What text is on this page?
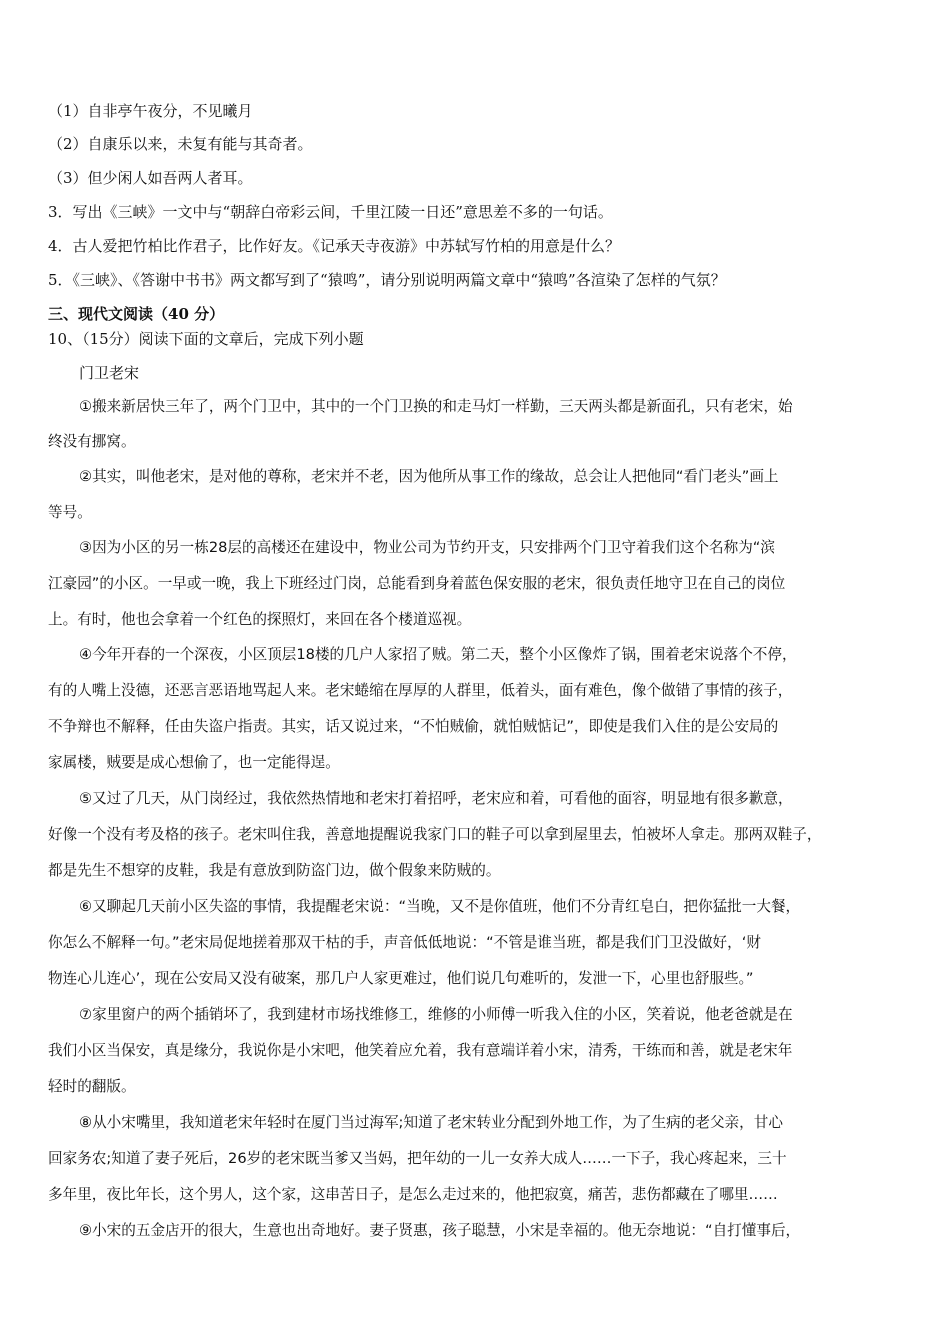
（1）自非亭午夜分，不见曦月
（2）自康乐以来，未复有能与其奇者。
（3）但少闲人如吾两人者耳。
3．写出《三峡》一文中与“朝辞白帝彩云间，千里江陵一日还”意思差不多的一句话。
4．古人爱把竹柏比作君子，比作好友。《记承天寺夜游》中苏轼写竹柏的用意是什么？
5．《三峡》、《答谢中书书》两文都写到了“猿鸣”，请分别说明两篇文章中“猿鸣”各渲染了怎样的气氛？
三、现代文阅读（40 分）
10、（15分）阅读下面的文章后，完成下列小题
门卫老宋
①搬来新居快三年了，两个门卫中，其中的一个门卫换的和走马灯一样勤，三天两头都是新面孔，只有老宋，始
终没有挪窝。
②其实，叫他老宋，是对他的尊称，老宋并不老，因为他所从事工作的缘故，总会让人把他同“看门老头”画上
等号。
③因为小区的另一栋28层的高楼还在建设中，物业公司为节约开支，只安排两个门卫守着我们这个名称为“滨
江豪园”的小区。一早或一晚，我上下班经过门岗，总能看到身着蓝色保安服的老宋，很负责任地守卫在自己的岗位
上。有时，他也会拿着一个红色的探照灯，来回在各个楼道巡视。
④今年开春的一个深夜，小区顶层18楼的几户人家招了贼。第二天，整个小区像炸了锅，围着老宋说落个不停，
有的人嘴上没德，还恶言恶语地骂起人来。老宋蜷缩在厚厚的人群里，低着头，面有难色，像个做错了事情的孩子，
不争辩也不解释，任由失盗户指责。其实，话又说过来，“不怕贼偷，就怕贼惦记”，即使是我们入住的是公安局的
家属楼，贼要是成心想偷了，也一定能得逞。
⑤又过了几天，从门岗经过，我依然热情地和老宋打着招呼，老宋应和着，可看他的面容，明显地有很多歉意，
好像一个没有考及格的孩子。老宋叫住我，善意地提醒说我家门口的鞋子可以拿到屋里去，怕被坏人拿走。那两双鞋子，
都是先生不想穿的皮鞋，我是有意放到防盗门边，做个假象来防贼的。
⑥又聊起几天前小区失盗的事情，我提醒老宋说：“当晚，又不是你值班，他们不分青红皂白，把你猛批一大餐，
你怎么不解释一句。”老宋局促地搓着那双干枯的手，声音低低地说：“不管是谁当班，都是我们门卫没做好，‘财
物连心儿连心’，现在公安局又没有破案，那几户人家更难过，他们说几句难听的，发泄一下，心里也舒服些。”
⑦家里窗户的两个插销坏了，我到建材市场找维修工，维修的小师傅一听我入住的小区，笑着说，他老爸就是在
我们小区当保安，真是缘分，我说你是小宋吧，他笑着应允着，我有意端详着小宋，清秀，干练而和善，就是老宋年
轻时的翻版。
⑧从小宋嘴里，我知道老宋年轻时在厦门当过海军;知道了老宋转业分配到外地工作，为了生病的老父亲，甘心
回家务农;知道了妻子死后，26岁的老宋既当爹又当妈，把年幼的一儿一女养大成人……一下子，我心疼起来，三十
多年里，夜比年长，这个男人，这个家，这串苦日子，是怎么走过来的，他把寂寞，痛苦，悲伤都藏在了哪里……
⑨小宋的五金店开的很大，生意也出奇地好。妻子贤惠，孩子聪慧，小宋是幸福的。他无奈地说：“自打懂事后，
